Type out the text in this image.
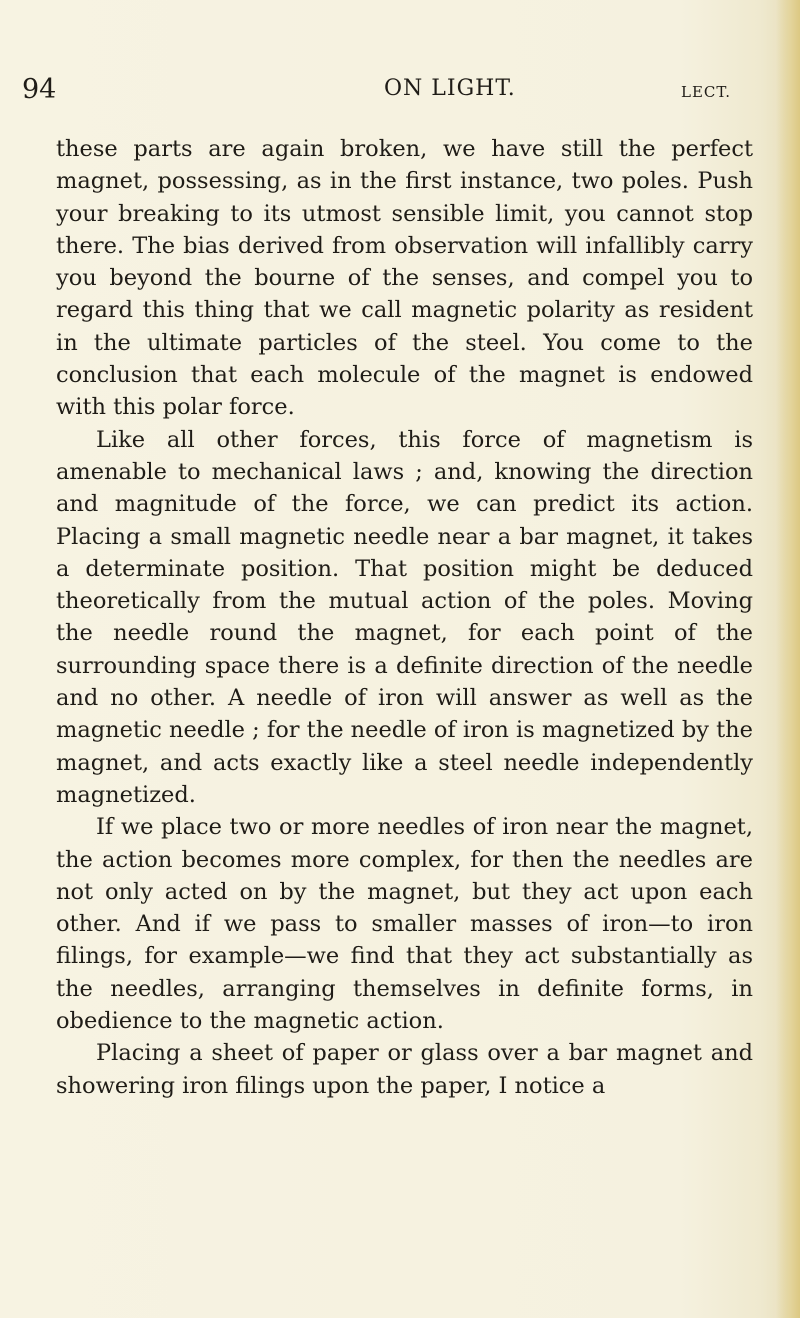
94	ON LIGHT.	LECT.

these parts are again broken, we have still the perfect magnet, possessing, as in the first instance, two poles. Push your breaking to its utmost sensible limit, you cannot stop there. The bias derived from observation will infallibly carry you beyond the bourne of the senses, and compel you to regard this thing that we call magnetic polarity as resident in the ultimate particles of the steel. You come to the conclusion that each molecule of the magnet is endowed with this polar force.

Like all other forces, this force of magnetism is amenable to mechanical laws ; and, knowing the direction and magnitude of the force, we can predict its action. Placing a small magnetic needle near a bar magnet, it takes a determinate position. That position might be deduced theoretically from the mutual action of the poles. Moving the needle round the magnet, for each point of the surrounding space there is a definite direction of the needle and no other. A needle of iron will answer as well as the magnetic needle ; for the needle of iron is magnetized by the magnet, and acts exactly like a steel needle independently magnetized.

If we place two or more needles of iron near the magnet, the action becomes more complex, for then the needles are not only acted on by the magnet, but they act upon each other. And if we pass to smaller masses of iron—to iron filings, for example—we find that they act substantially as the needles, arranging themselves in definite forms, in obedience to the magnetic action.

Placing a sheet of paper or glass over a bar magnet and showering iron filings upon the paper, I notice a
